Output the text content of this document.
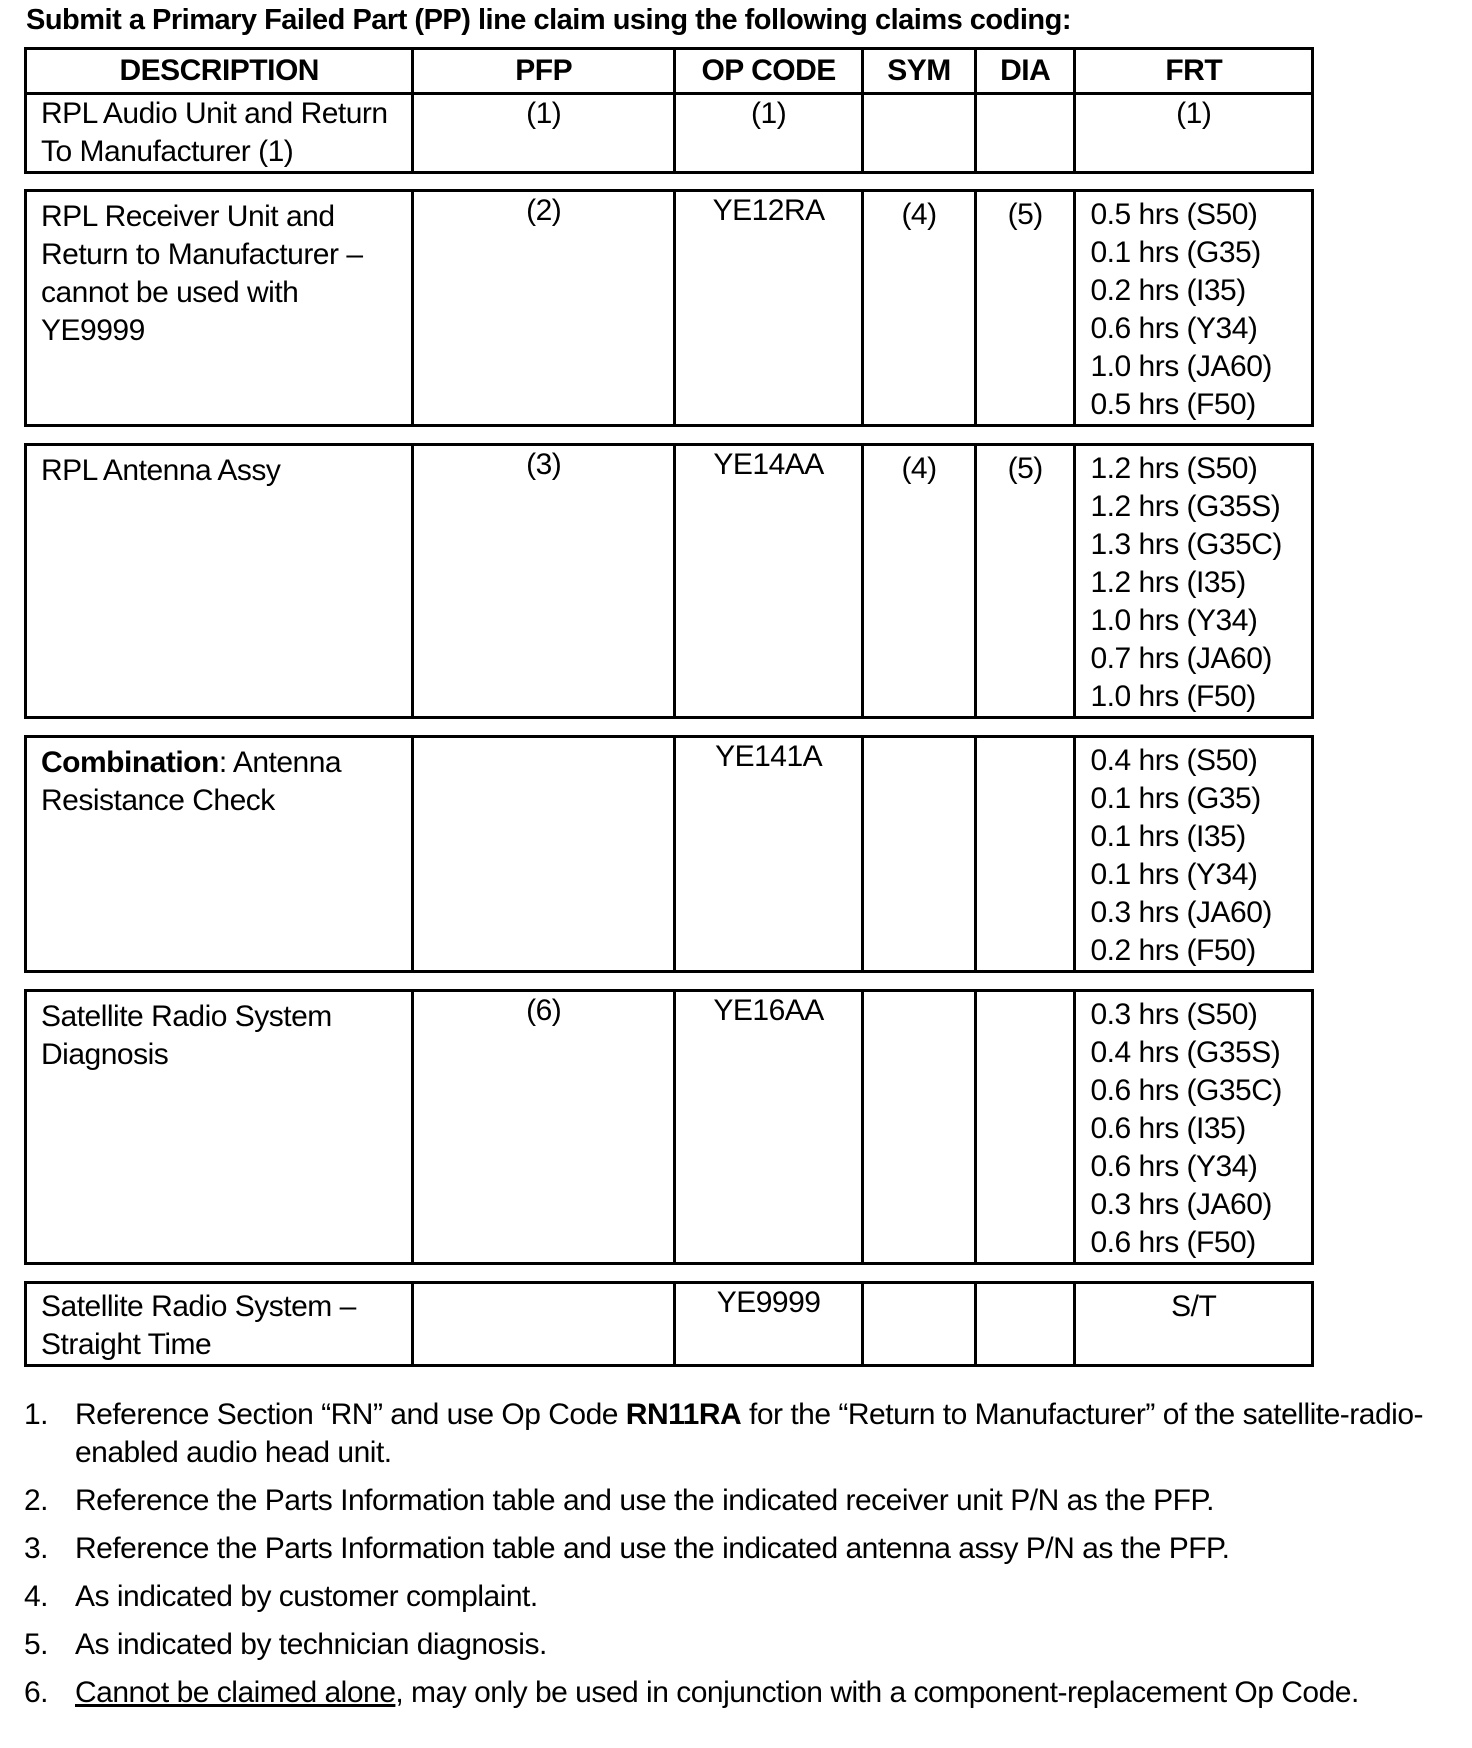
Submit a Primary Failed Part (PP) line claim using the following claims coding:
DESCRIPTION	PFP	OP CODE	SYM	DIA	FRT

RPL Audio Unit and Return
To Manufacturer (1)	(1)	(1)			(1)
RPL Receiver Unit and
Return to Manufacturer –
cannot be used with YE9999
	(2)	YE12RA	(4)	(5)	0.5 hrs (S50)
0.1 hrs (G35)
0.2 hrs (I35)
0.6 hrs (Y34)
1.0 hrs (JA60)
0.5 hrs (F50)
RPL Antenna Assy	(3)	YE14AA	(4)	(5)	1.2 hrs (S50)
1.2 hrs (G35S)
1.3 hrs (G35C)
1.2 hrs (I35)
1.0 hrs (Y34)
0.7 hrs (JA60)
1.0 hrs (F50)
Combination: Antenna
Resistance Check
		YE141A			0.4 hrs (S50)
0.1 hrs (G35)
0.1 hrs (I35)
0.1 hrs (Y34)
0.3 hrs (JA60)
0.2 hrs (F50)
Satellite Radio System
Diagnosis
	(6)	YE16AA			0.3 hrs (S50)
0.4 hrs (G35S)
0.6 hrs (G35C)
0.6 hrs (I35)
0.6 hrs (Y34)
0.3 hrs (JA60)
0.6 hrs (F50)
Satellite Radio System –
Straight Time
		YE9999			S/T
1. Reference Section “RN” and use Op Code RN11RA for the “Return to Manufacturer” of the satellite-radio-enabled audio head unit.
2. Reference the Parts Information table and use the indicated receiver unit P/N as the PFP.
3. Reference the Parts Information table and use the indicated antenna assy P/N as the PFP.
4. As indicated by customer complaint.
5. As indicated by technician diagnosis.
6. Cannot be claimed alone, may only be used in conjunction with a component-replacement Op Code.
